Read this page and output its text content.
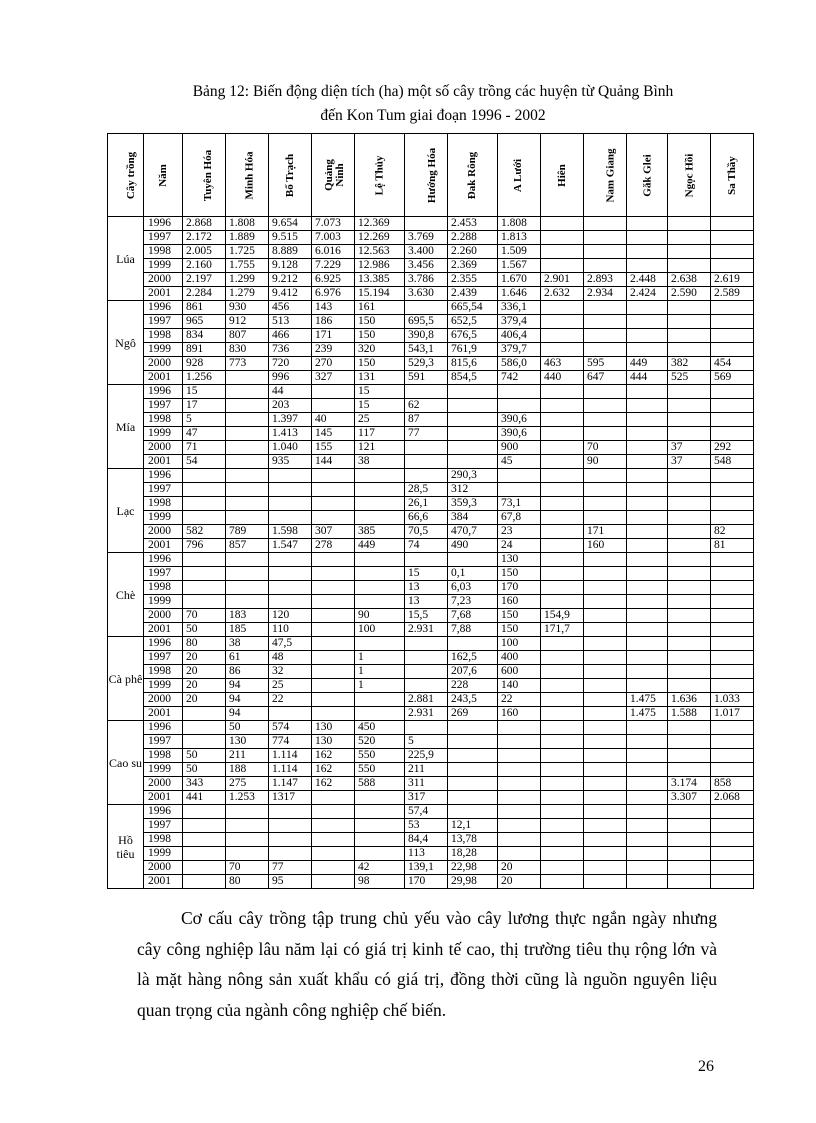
Bảng 12: Biến động diện tích (ha) một số cây trồng các huyện từ Quảng Bình
đến Kon Tum giai đoạn 1996 - 2002
Cây trồng	Năm	Tuyên Hóa	Minh Hóa	Bố Trạch	Quảng Ninh	Lệ Thủy	Hướng Hóa	Đak Rông	A Lưới	Hiên	Nam Giang	Găk Glei	Ngọc Hồi	Sa Thầy
Lúa	1996	2.868	1.808	9.654	7.073	12.369		2.453	1.808					
	1997	2.172	1.889	9.515	7.003	12.269	3.769	2.288	1.813					
	1998	2.005	1.725	8.889	6.016	12.563	3.400	2.260	1.509					
	1999	2.160	1.755	9.128	7.229	12.986	3.456	2.369	1.567					
	2000	2.197	1.299	9.212	6.925	13.385	3.786	2.355	1.670	2.901	2.893	2.448	2.638	2.619
	2001	2.284	1.279	9.412	6.976	15.194	3.630	2.439	1.646	2.632	2.934	2.424	2.590	2.589
Ngô	1996	861	930	456	143	161		665,54	336,1					
	1997	965	912	513	186	150	695,5	652,5	379,4					
	1998	834	807	466	171	150	390,8	676,5	406,4					
	1999	891	830	736	239	320	543,1	761,9	379,7					
	2000	928	773	720	270	150	529,3	815,6	586,0	463	595	449	382	454
	2001	1.256		996	327	131	591	854,5	742	440	647	444	525	569
Mía	1996	15		44		15								
	1997	17		203		15	62							
	1998	5		1.397	40	25	87		390,6					
	1999	47		1.413	145	117	77		390,6					
	2000	71		1.040	155	121			900		70		37	292
	2001	54		935	144	38			45		90		37	548
Lạc	1996							290,3						
	1997						28,5	312						
	1998						26,1	359,3	73,1					
	1999						66,6	384	67,8					
	2000	582	789	1.598	307	385	70,5	470,7	23		171			82
	2001	796	857	1.547	278	449	74	490	24		160			81
Chè	1996								130					
	1997						15	0,1	150					
	1998						13	6,03	170					
	1999						13	7,23	160					
	2000	70	183	120		90	15,5	7,68	150	154,9				
	2001	50	185	110		100	2.931	7,88	150	171,7				
Cà phê	1996	80	38	47,5					100					
	1997	20	61	48		1		162,5	400					
	1998	20	86	32		1		207,6	600					
	1999	20	94	25		1		228	140					
	2000	20	94	22			2.881	243,5	22			1.475	1.636	1.033
	2001		94				2.931	269	160			1.475	1.588	1.017
Cao su	1996		50	574	130	450								
	1997		130	774	130	520	5							
	1998	50	211	1.114	162	550	225,9							
	1999	50	188	1.114	162	550	211							
	2000	343	275	1.147	162	588	311						3.174	858
	2001	441	1.253	1317			317						3.307	2.068
Hồ tiêu	1996						57,4							
	1997						53	12,1						
	1998						84,4	13,78						
	1999						113	18,28						
	2000		70	77		42	139,1	22,98	20					
	2001		80	95		98	170	29,98	20					

Cơ cấu cây trồng tập trung chủ yếu vào cây lương thực ngắn ngày nhưng cây công nghiệp lâu năm lại có giá trị kinh tế cao, thị trường tiêu thụ rộng lớn và là mặt hàng nông sản xuất khẩu có giá trị, đồng thời cũng là nguồn nguyên liệu quan trọng của ngành công nghiệp chế biến.

26
